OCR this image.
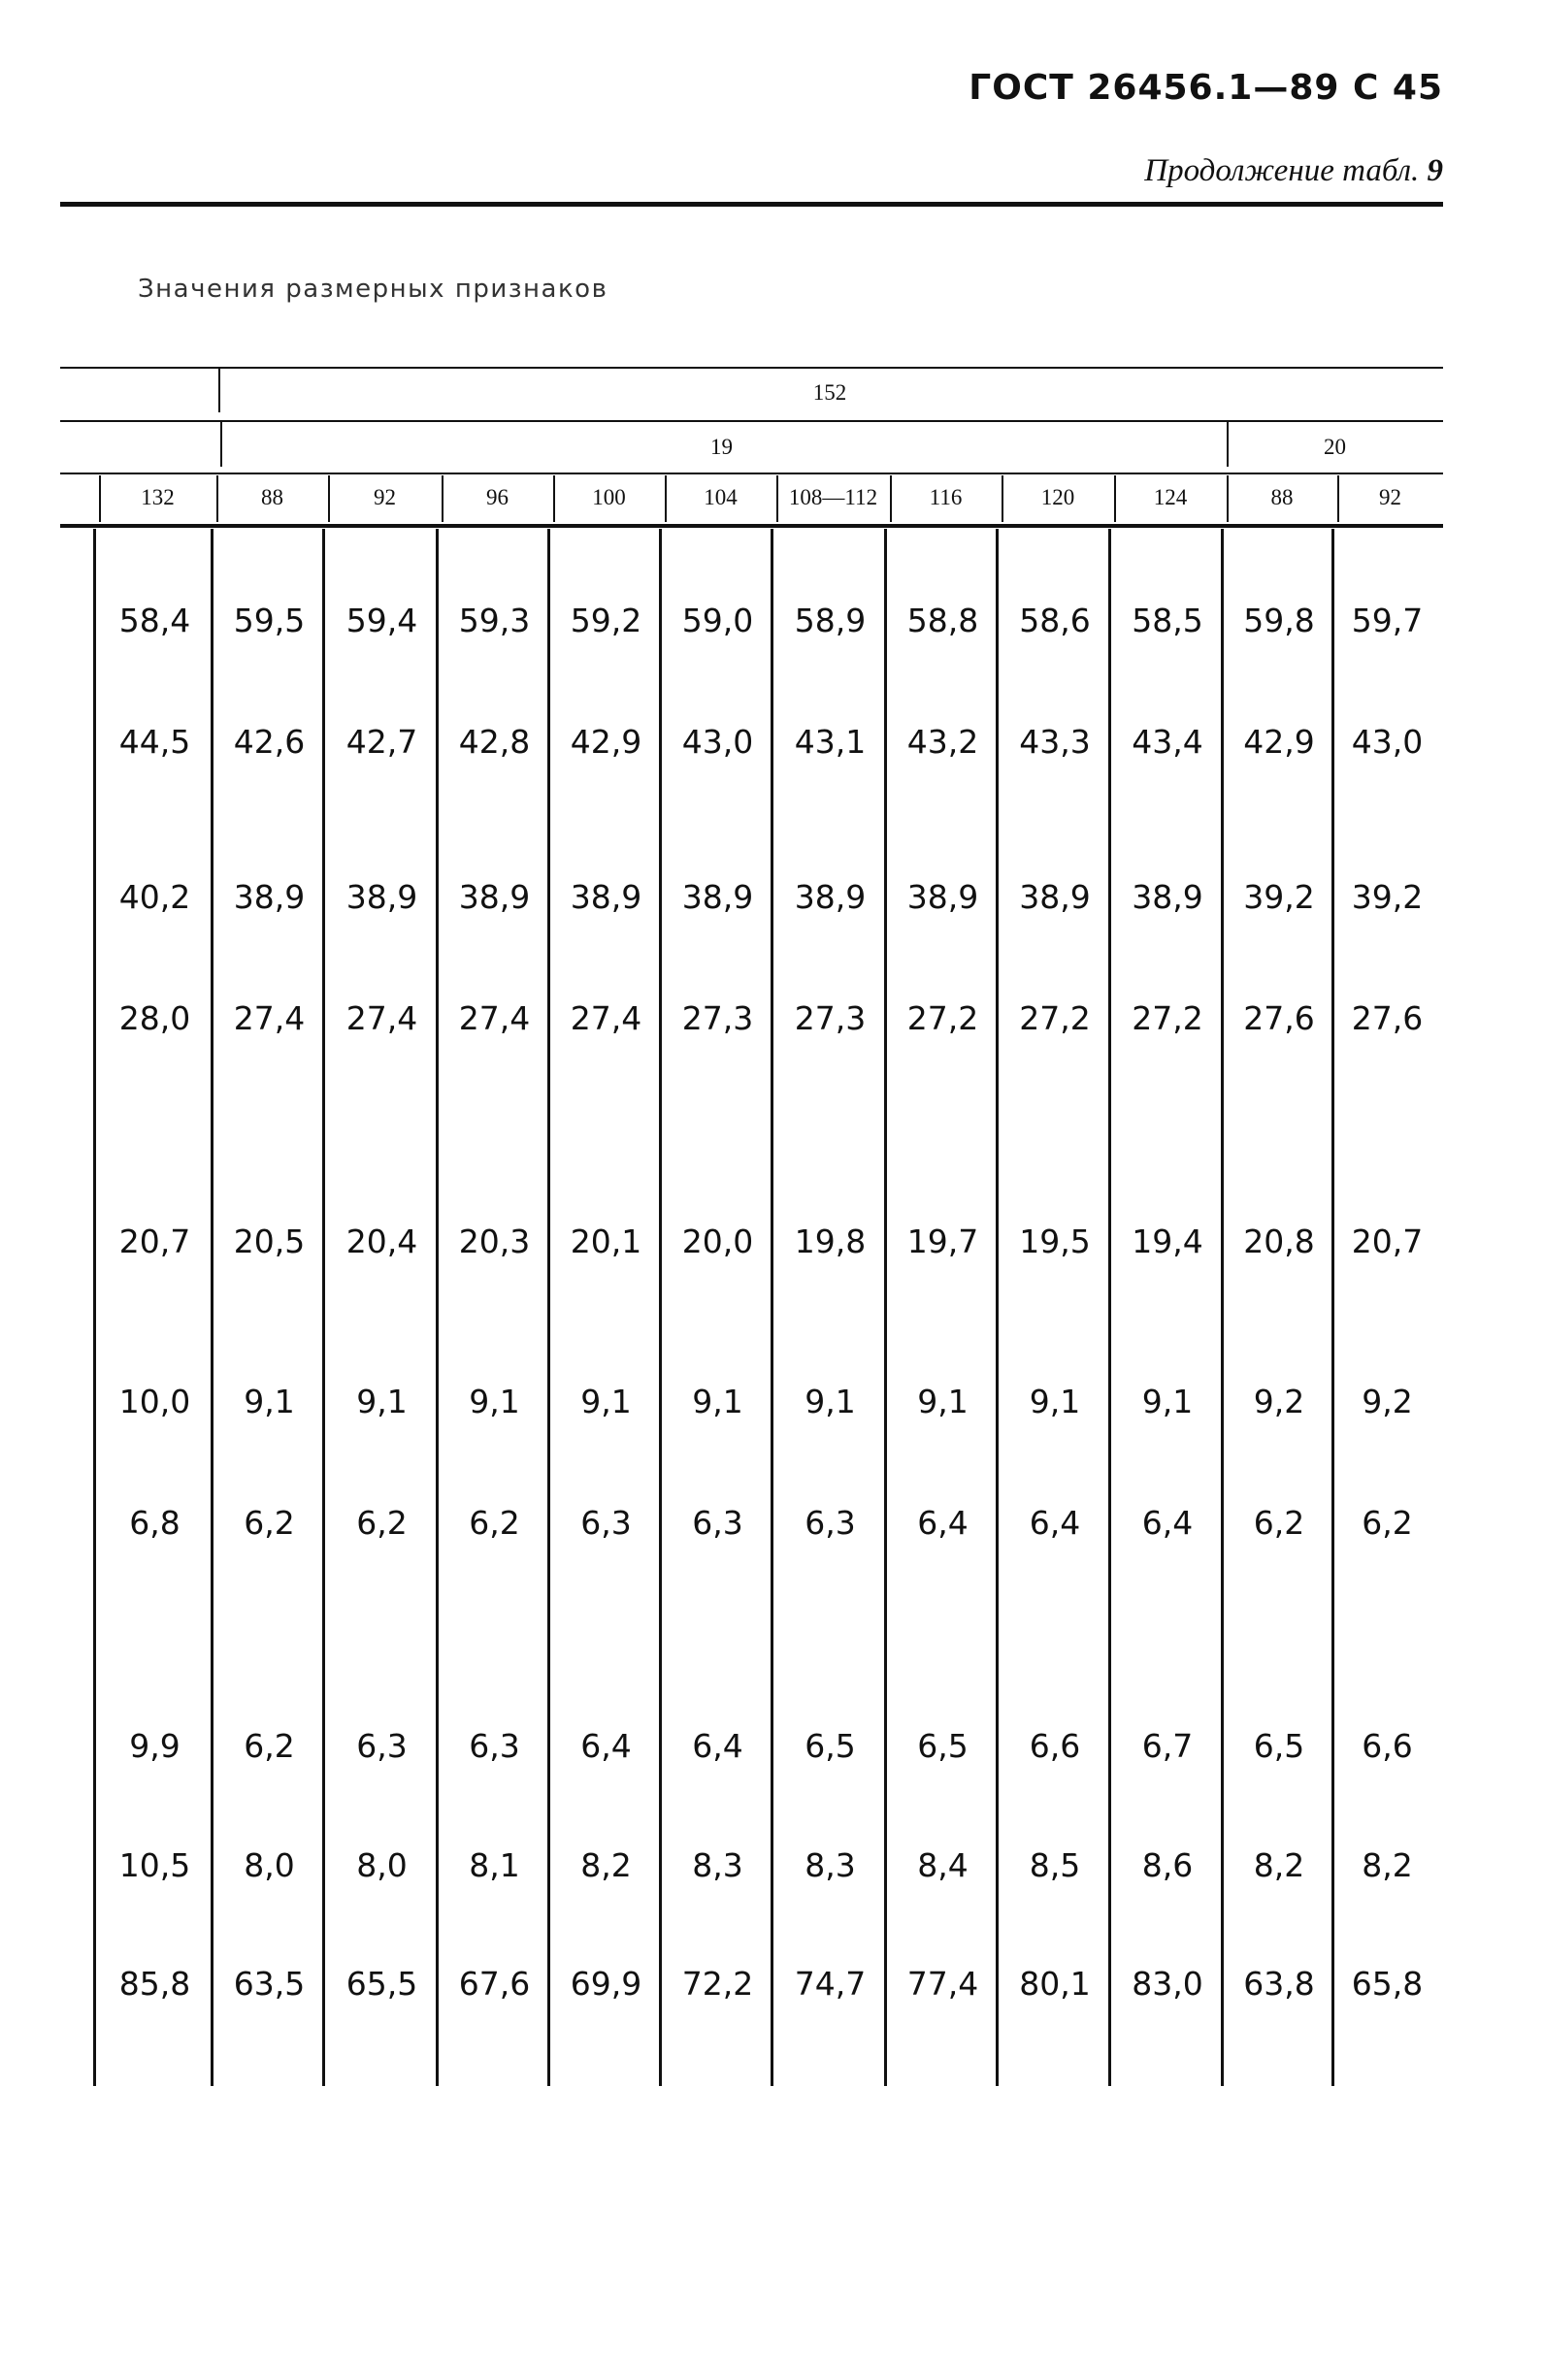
ГОСТ 26456.1—89 С 45
Продолжение табл. 9
Значения размерных признаков
152
19	20
132	88	92	96	100	104	108—112	116	120	124	88	92
58,4	59,5	59,4	59,3	59,2	59,0	58,9	58,8	58,6	58,5	59,8	59,7
44,5	42,6	42,7	42,8	42,9	43,0	43,1	43,2	43,3	43,4	42,9	43,0
40,2	38,9	38,9	38,9	38,9	38,9	38,9	38,9	38,9	38,9	39,2	39,2
28,0	27,4	27,4	27,4	27,4	27,3	27,3	27,2	27,2	27,2	27,6	27,6
20,7	20,5	20,4	20,3	20,1	20,0	19,8	19,7	19,5	19,4	20,8	20,7
10,0	9,1	9,1	9,1	9,1	9,1	9,1	9,1	9,1	9,1	9,2	9,2
6,8	6,2	6,2	6,2	6,3	6,3	6,3	6,4	6,4	6,4	6,2	6,2
9,9	6,2	6,3	6,3	6,4	6,4	6,5	6,5	6,6	6,7	6,5	6,6
10,5	8,0	8,0	8,1	8,2	8,3	8,3	8,4	8,5	8,6	8,2	8,2
85,8	63,5	65,5	67,6	69,9	72,2	74,7	77,4	80,1	83,0	63,8	65,8
